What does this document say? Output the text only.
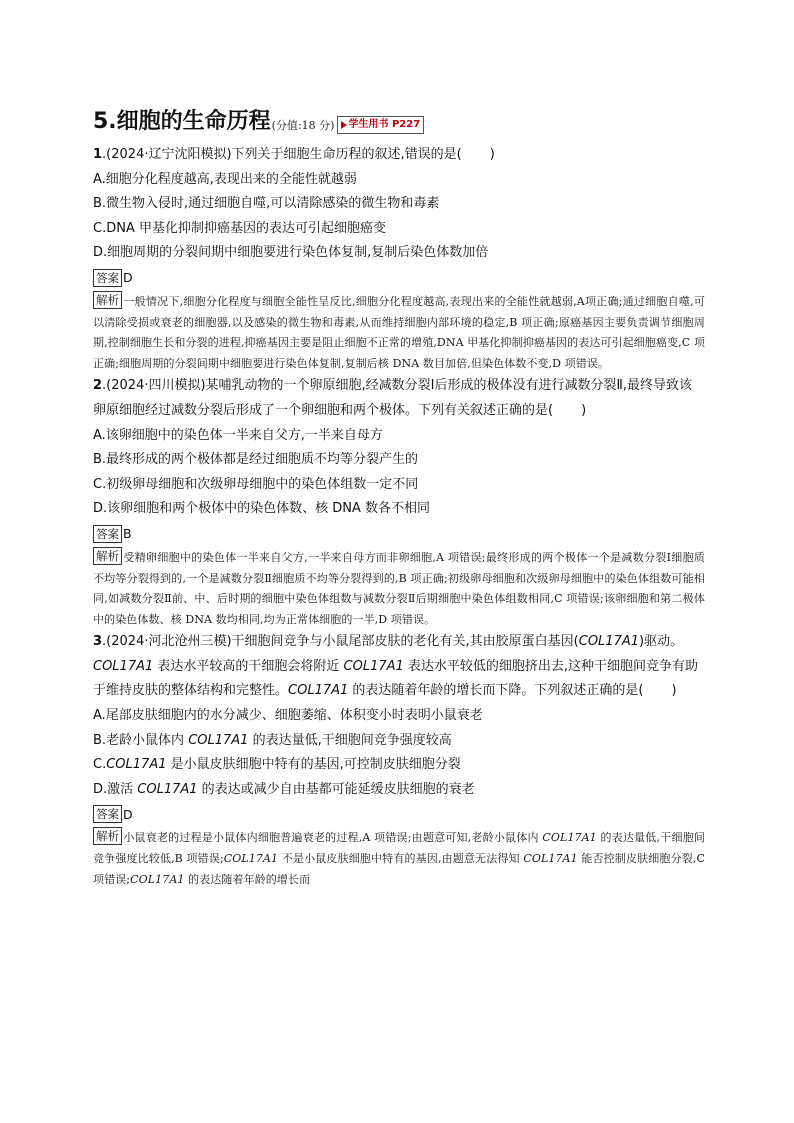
5.细胞的生命历程 (分值:18 分) 学生用书 P227

1.(2024·辽宁沈阳模拟)下列关于细胞生命历程的叙述,错误的是( )

A.细胞分化程度越高,表现出来的全能性就越弱

B.微生物入侵时,通过细胞自噬,可以清除感染的微生物和毒素

C.DNA 甲基化抑制抑癌基因的表达可引起细胞癌变

D.细胞周期的分裂间期中细胞要进行染色体复制,复制后染色体数加倍

答案 D

解析 一般情况下,细胞分化程度与细胞全能性呈反比,细胞分化程度越高,表现出来的全能性就越弱,A项正确;通过细胞自噬,可以清除受损或衰老的细胞器,以及感染的微生物和毒素,从而维持细胞内部环境的稳定,B 项正确;原癌基因主要负责调节细胞周期,控制细胞生长和分裂的进程,抑癌基因主要是阻止细胞不正常的增殖,DNA 甲基化抑制抑癌基因的表达可引起细胞癌变,C 项正确;细胞周期的分裂间期中细胞要进行染色体复制,复制后核 DNA 数目加倍,但染色体数不变,D 项错误。

2.(2024·四川模拟)某哺乳动物的一个卵原细胞,经减数分裂Ⅰ后形成的极体没有进行减数分裂Ⅱ,最终导致该卵原细胞经过减数分裂后形成了一个卵细胞和两个极体。下列有关叙述正确的是( )

A.该卵细胞中的染色体一半来自父方,一半来自母方

B.最终形成的两个极体都是经过细胞质不均等分裂产生的

C.初级卵母细胞和次级卵母细胞中的染色体组数一定不同

D.该卵细胞和两个极体中的染色体数、核 DNA 数各不相同

答案 B

解析 受精卵细胞中的染色体一半来自父方,一半来自母方而非卵细胞,A 项错误;最终形成的两个极体一个是减数分裂Ⅰ细胞质不均等分裂得到的,一个是减数分裂Ⅱ细胞质不均等分裂得到的,B 项正确;初级卵母细胞和次级卵母细胞中的染色体组数可能相同,如减数分裂Ⅱ前、中、后时期的细胞中染色体组数与减数分裂Ⅱ后期细胞中染色体组数相同,C 项错误;该卵细胞和第二极体中的染色体数、核 DNA 数均相同,均为正常体细胞的一半,D 项错误。

3.(2024·河北沧州三模)干细胞间竞争与小鼠尾部皮肤的老化有关,其由胶原蛋白基因(COL17A1)驱动。COL17A1 表达水平较高的干细胞会将附近 COL17A1 表达水平较低的细胞挤出去,这种干细胞间竞争有助于维持皮肤的整体结构和完整性。COL17A1 的表达随着年龄的增长而下降。下列叙述正确的是( )

A.尾部皮肤细胞内的水分减少、细胞萎缩、体积变小时表明小鼠衰老

B.老龄小鼠体内 COL17A1 的表达量低,干细胞间竞争强度较高

C.COL17A1 是小鼠皮肤细胞中特有的基因,可控制皮肤细胞分裂

D.激活 COL17A1 的表达或减少自由基都可能延缓皮肤细胞的衰老

答案 D

解析 小鼠衰老的过程是小鼠体内细胞普遍衰老的过程,A 项错误;由题意可知,老龄小鼠体内 COL17A1 的表达量低,干细胞间竞争强度比较低,B 项错误;COL17A1 不是小鼠皮肤细胞中特有的基因,由题意无法得知 COL17A1 能否控制皮肤细胞分裂,C 项错误;COL17A1 的表达随着年龄的增长而
